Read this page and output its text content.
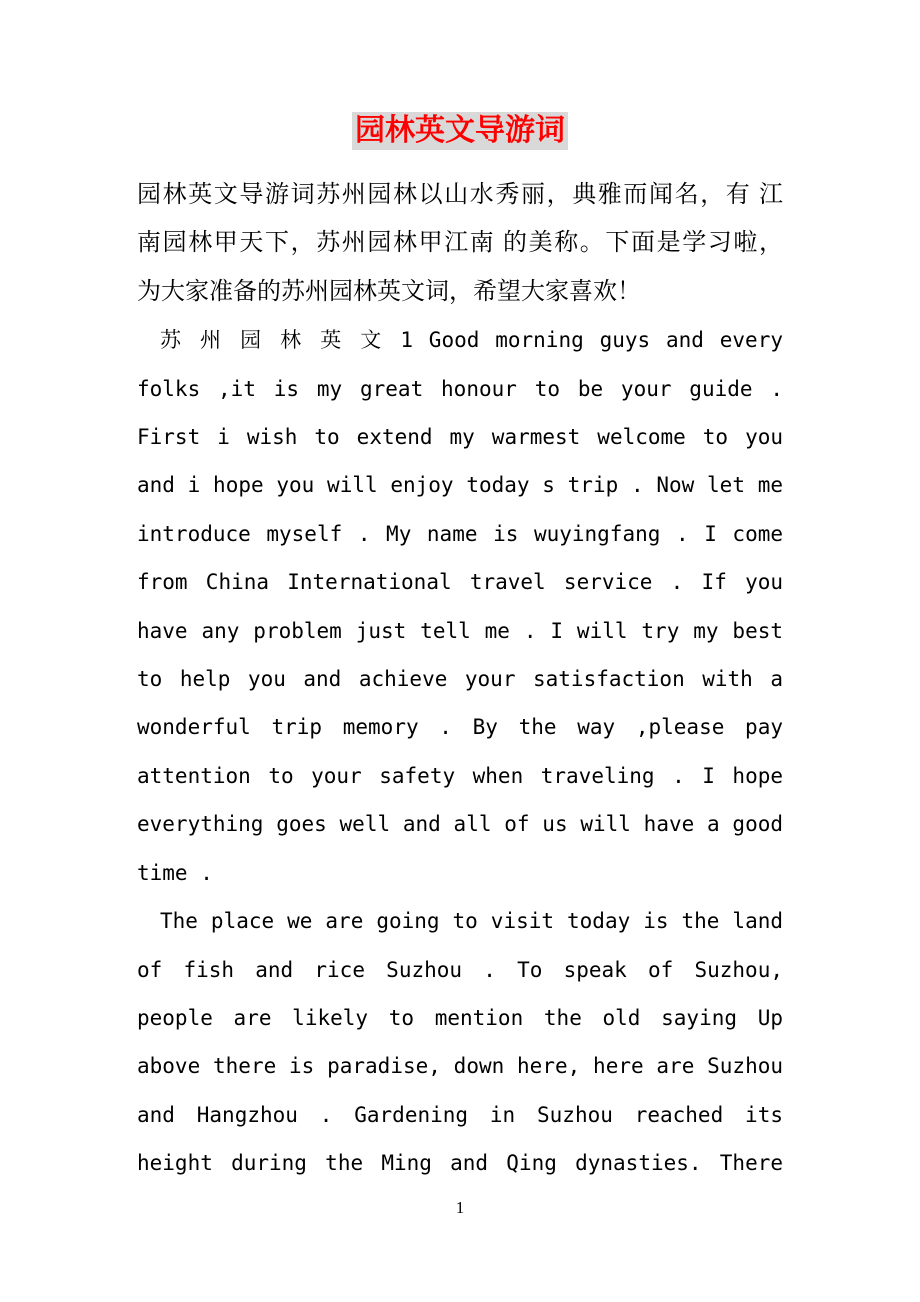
园林英文导游词
园林英文导游词苏州园林以山水秀丽，典雅而闻名，有 江
南园林甲天下，苏州园林甲江南 的美称。下面是学习啦，
为大家准备的苏州园林英文词，希望大家喜欢！
苏 州 园 林 英 文 1 Good morning guys and every
folks ,it is my great honour to be your guide .
First i wish to extend my warmest welcome to you
and i hope you will enjoy today s trip . Now let me
introduce myself . My name is wuyingfang . I come
from China International travel service . If you
have any problem just tell me . I will try my best
to help you and achieve your satisfaction with a
wonderful trip memory . By the way ,please pay
attention to your safety when traveling . I hope
everything goes well and all of us will have a good
time .
The place we are going to visit today is the land
of fish and rice Suzhou . To speak of Suzhou,
people are likely to mention the old saying Up
above there is paradise, down here, here are Suzhou
and Hangzhou . Gardening in Suzhou reached its
height during the Ming and Qing dynasties. There
1
